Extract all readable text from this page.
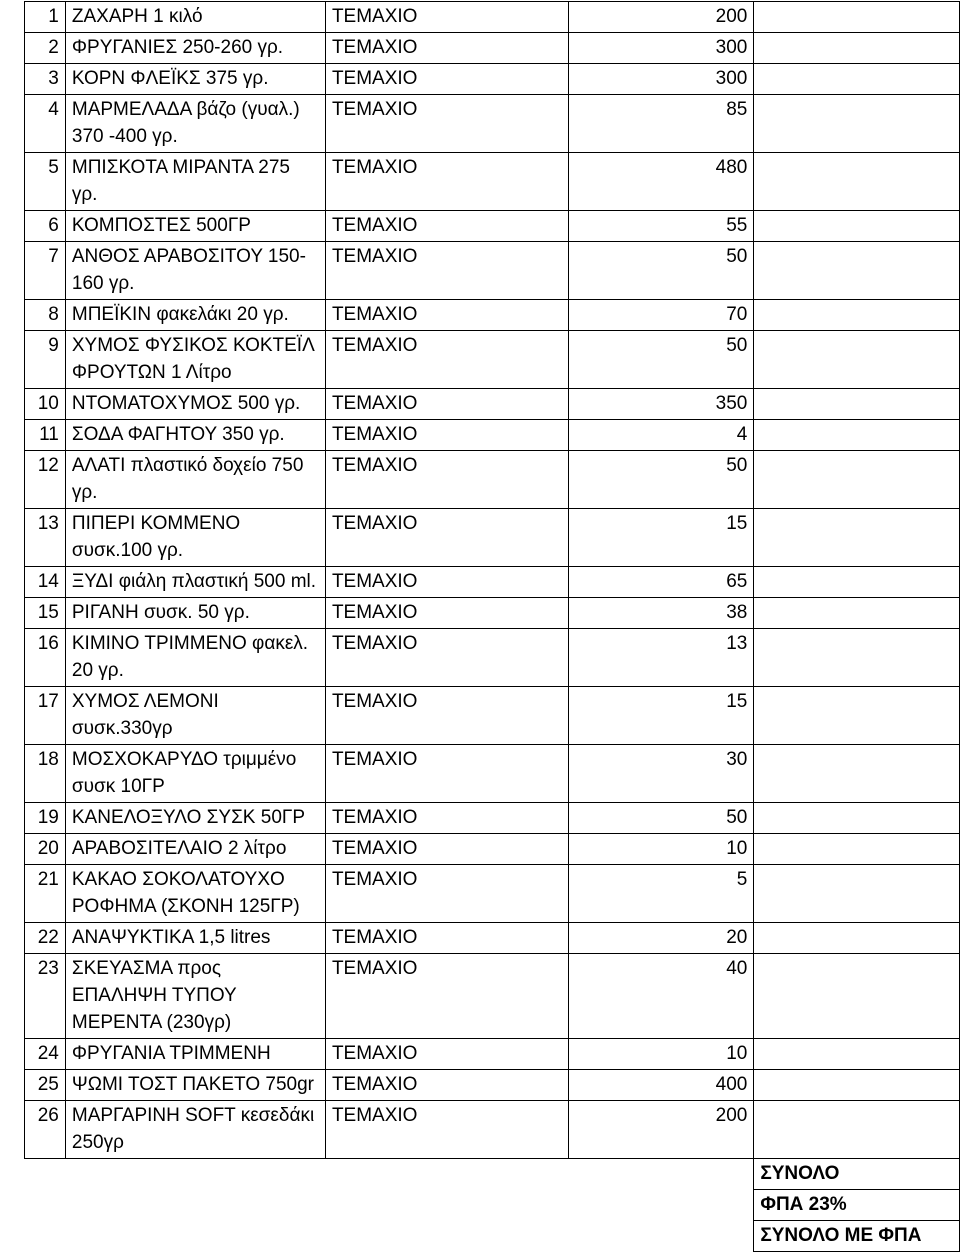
1	ΖΑΧΑΡΗ 1 κιλό	ΤΕΜΑΧΙΟ	200	
2	ΦΡΥΓΑΝΙΕΣ 250-260 γρ.	ΤΕΜΑΧΙΟ	300	
3	ΚΟΡΝ ΦΛΕΪΚΣ 375 γρ.	ΤΕΜΑΧΙΟ	300	
4	ΜΑΡΜΕΛΑΔΑ βάζο (γυαλ.) 370 -400 γρ.	ΤΕΜΑΧΙΟ	85	
5	ΜΠΙΣΚΟΤΑ ΜΙΡΑΝΤΑ 275 γρ.	ΤΕΜΑΧΙΟ	480	
6	ΚΟΜΠΟΣΤΕΣ 500ΓΡ	ΤΕΜΑΧΙΟ	55	
7	ΑΝΘΟΣ ΑΡΑΒΟΣΙΤΟΥ 150-160 γρ.	ΤΕΜΑΧΙΟ	50	
8	ΜΠΕΪΚΙΝ φακελάκι 20 γρ.	ΤΕΜΑΧΙΟ	70	
9	ΧΥΜΟΣ ΦΥΣΙΚΟΣ ΚΟΚΤΕΪΛ ΦΡΟΥΤΩΝ 1 Λίτρο	ΤΕΜΑΧΙΟ	50	
10	ΝΤΟΜΑΤΟΧΥΜΟΣ 500 γρ.	ΤΕΜΑΧΙΟ	350	
11	ΣΟΔΑ ΦΑΓΗΤΟΥ 350 γρ.	ΤΕΜΑΧΙΟ	4	
12	ΑΛΑΤΙ πλαστικό δοχείο 750 γρ.	ΤΕΜΑΧΙΟ	50	
13	ΠΙΠΕΡΙ ΚΟΜΜΕΝΟ συσκ.100 γρ.	ΤΕΜΑΧΙΟ	15	
14	ΞΥΔΙ φιάλη πλαστική 500 ml.	ΤΕΜΑΧΙΟ	65	
15	ΡΙΓΑΝΗ συσκ. 50 γρ.	ΤΕΜΑΧΙΟ	38	
16	ΚΙΜΙΝΟ ΤΡΙΜΜΕΝΟ φακελ. 20 γρ.	ΤΕΜΑΧΙΟ	13	
17	ΧΥΜΟΣ ΛΕΜΟΝΙ συσκ.330γρ	ΤΕΜΑΧΙΟ	15	
18	ΜΟΣΧΟΚΑΡΥΔΟ τριμμένο συσκ 10ΓΡ	ΤΕΜΑΧΙΟ	30	
19	ΚΑΝΕΛΟΞΥΛΟ ΣΥΣΚ 50ΓΡ	ΤΕΜΑΧΙΟ	50	
20	ΑΡΑΒΟΣΙΤΕΛΑΙΟ 2 λίτρο	ΤΕΜΑΧΙΟ	10	
21	ΚΑΚΑΟ ΣΟΚΟΛΑΤΟΥΧΟ ΡΟΦΗΜΑ (ΣΚΟΝΗ 125ΓΡ)	ΤΕΜΑΧΙΟ	5	
22	ΑΝΑΨΥΚΤΙΚΑ 1,5 litres	ΤΕΜΑΧΙΟ	20	
23	ΣΚΕΥΑΣΜΑ προς ΕΠΑΛΗΨΗ ΤΥΠΟΥ ΜΕΡΕΝΤΑ (230γρ)	ΤΕΜΑΧΙΟ	40	
24	ΦΡΥΓΑΝΙΑ ΤΡΙΜΜΕΝΗ	ΤΕΜΑΧΙΟ	10	
25	ΨΩΜΙ ΤΟΣΤ ΠΑΚΕΤΟ 750gr	ΤΕΜΑΧΙΟ	400	
26	ΜΑΡΓΑΡΙΝΗ SOFT κεσεδάκι 250γρ	ΤΕΜΑΧΙΟ	200	
				ΣΥΝΟΛΟ
				ΦΠΑ 23%
				ΣΥΝΟΛΟ ΜΕ ΦΠΑ
